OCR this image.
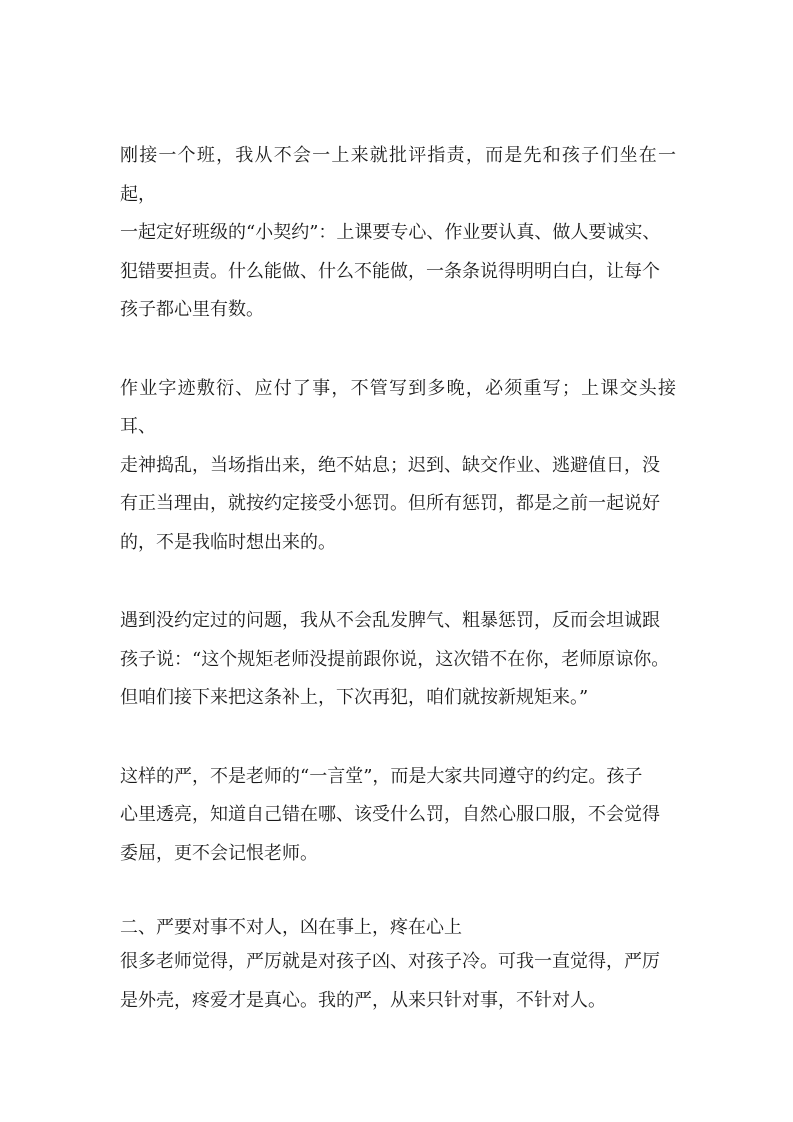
刚接一个班，我从不会一上来就批评指责，而是先和孩子们坐在一起，
一起定好班级的“小契约”：上课要专心、作业要认真、做人要诚实、
犯错要担责。什么能做、什么不能做，一条条说得明明白白，让每个
孩子都心里有数。

作业字迹敷衍、应付了事，不管写到多晚，必须重写；上课交头接耳、
走神捣乱，当场指出来，绝不姑息；迟到、缺交作业、逃避值日，没
有正当理由，就按约定接受小惩罚。但所有惩罚，都是之前一起说好
的，不是我临时想出来的。

遇到没约定过的问题，我从不会乱发脾气、粗暴惩罚，反而会坦诚跟
孩子说：“这个规矩老师没提前跟你说，这次错不在你，老师原谅你。
但咱们接下来把这条补上，下次再犯，咱们就按新规矩来。”

这样的严，不是老师的“一言堂”，而是大家共同遵守的约定。孩子
心里透亮，知道自己错在哪、该受什么罚，自然心服口服，不会觉得
委屈，更不会记恨老师。

二、严要对事不对人，凶在事上，疼在心上

很多老师觉得，严厉就是对孩子凶、对孩子冷。可我一直觉得，严厉
是外壳，疼爱才是真心。我的严，从来只针对事，不针对人。
